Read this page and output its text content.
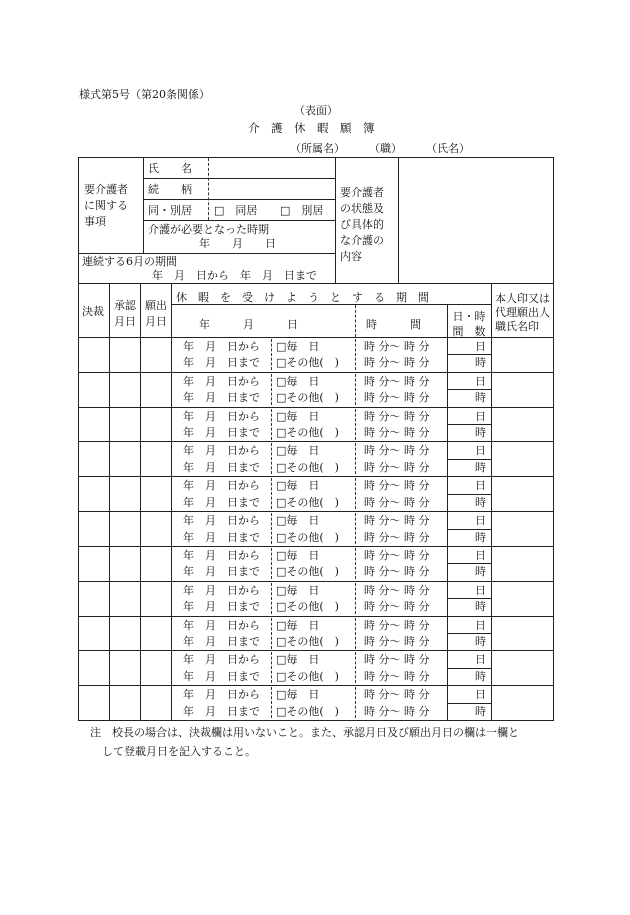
様式第5号（第20条関係）
（表面）
介　護　休　暇　願　簿
（所属名） （職） （氏名）
要介護者
に関する
事項
氏　　名
続　　柄
同・別居 □　同居 □　別居
介護が必要となった時期
年　　月　　日
連続する6月の期間
年　月　日から　年　月　日まで
要介護者
の状態及
び具体的
な介護の
内容
決裁 承認
月日
願出
月日
休　暇　を　受　け　よ　う　と　す　る　期　間
年　　　月　　　日	時　　　間
日・時
間　数
本人印又は
代理願出人
職氏名印
年　月　日から
年　月　日まで
□毎　日
□その他(　)
時 分～ 時 分
時 分～ 時 分
日
時
年　月　日から
年　月　日まで
□毎　日
□その他(　)
時 分～ 時 分
時 分～ 時 分
日
時
年　月　日から
年　月　日まで
□毎　日
□その他(　)
時 分～ 時 分
時 分～ 時 分
日
時
年　月　日から
年　月　日まで
□毎　日
□その他(　)
時 分～ 時 分
時 分～ 時 分
日
時
年　月　日から
年　月　日まで
□毎　日
□その他(　)
時 分～ 時 分
時 分～ 時 分
日
時
年　月　日から
年　月　日まで
□毎　日
□その他(　)
時 分～ 時 分
時 分～ 時 分
日
時
年　月　日から
年　月　日まで
□毎　日
□その他(　)
時 分～ 時 分
時 分～ 時 分
日
時
年　月　日から
年　月　日まで
□毎　日
□その他(　)
時 分～ 時 分
時 分～ 時 分
日
時
年　月　日から
年　月　日まで
□毎　日
□その他(　)
時 分～ 時 分
時 分～ 時 分
日
時
年　月　日から
年　月　日まで
□毎　日
□その他(　)
時 分～ 時 分
時 分～ 時 分
日
時
年　月　日から
年　月　日まで
□毎　日
□その他(　)
時 分～ 時 分
時 分～ 時 分
日
時
注　校長の場合は、決裁欄は用いないこと。また、承認月日及び願出月日の欄は一欄と
して登載月日を記入すること。
